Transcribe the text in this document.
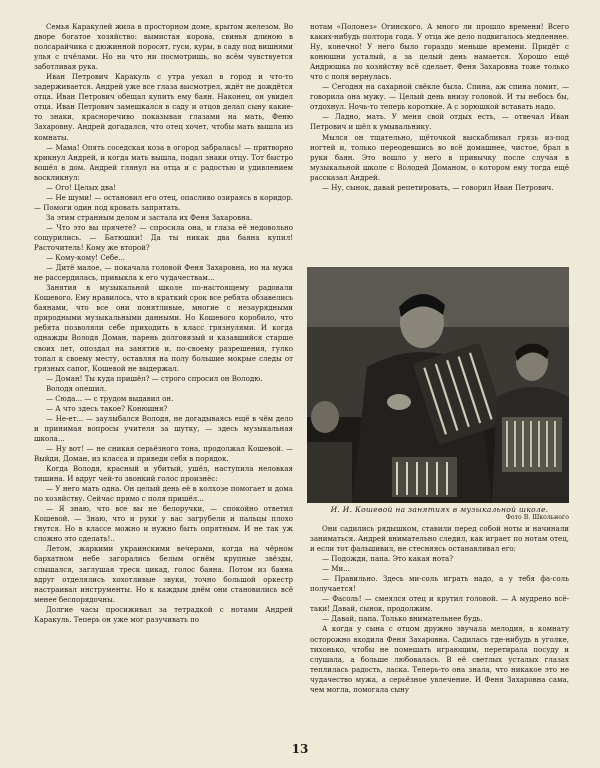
Семья Каракулей жила в просторном доме, крытом железом. Во дворе богатое хозяйство: вымистая корова, свинья длиною в полсарайчика с дюжинной поросят, гуси, куры, в саду под вишнями улья с пчёлами. Но на что ни посмотришь, во всём чувствуется заботливая рука.

Иван Петрович Каракуль с утра уехал в город и что-то задерживается. Андрей уже все глаза высмотрел, ждёт не дождётся отца. Иван Петрович обещал купить ему баян. Наконец, он увидел отца. Иван Петрович замешкался в саду и отцов делал сыну какие-то знаки, красноречиво показывая глазами на мать, Феню Захаровну. Андрей догадался, что отец хочет, чтобы мать вышла из комнаты.

— Мама! Опять соседская коза в огород забралась! — притворно крикнул Андрей, и когда мать вышла, подал знаки отцу. Тот быстро вошёл в дом. Андрей глянул на отца и с радостью и удивлением воскликнул:

— Ого! Целых два!

— Не шуми! — остановил его отец, опасливо озираясь в коридор. — Помоги один под кровать запрятать.

За этим странным делом и застала их Феня Захаровна.

— Что это вы прячете? — спросила она, и глаза её недовольно сощурились. — Батюшки! Да ты никак два баяна купил! Расточитель! Кому же второй?

— Кому-кому! Себе...

— Дитё малое, — покачала головой Феня Захаровна, но на мужа не рассердилась, привыкла к его чудачествам...

Занятия в музыкальной школе по-настоящему радовали Кошевого. Ему нравилось, что в краткий срок все ребята обзавелись баянами, что все они понятливые, многие с незаурядными природными музыкальными данными. Но Кошевого коробило, что ребята позволяли себе приходить в класс грязнулями. И когда однажды Володя Доман, парень долговязый и казавшийся старше своих лет, опоздал на занятия и, по-своему разрешения, гулко топал к своему месту, оставляя на полу большие мокрые следы от грязных сапог, Кошевой не выдержал.

— Доман! Ты куда пришёл? — строго спросил он Володю.

Володя опешил.

— Сюда... — с трудом выдавил он.

— А что здесь такое? Конюшня?

— Не-ет... — заулыбался Володя, не догадываясь ещё в чём дело и принимая вопросы учителя за шутку, — здесь музыкальная школа...

— Ну вот! — не сникая серьёзного тона, продолжал Кошевой. — Выйди, Доман, из класса и приведи себя в порядок.

Когда Володя, красный и убитый, ушёл, наступила неловкая тишина. И вдруг чей-то звонкий голос произнёс:

— У него мать одна. Он целый день её в колхозе помогает и дома по хозяйству. Сейчас прямо с поля пришёл...

— Я знаю, что все вы не белоручки, — спокойно ответил Кошевой. — Знаю, что и руки у вас загрубели и пальцы плохо гнутся. Но в классе можно и нужно быть опрятным. И не так уж сложно это сделать!..

Летом, жаркими украинскими вечерами, когда на чёрном бархатном небе загорались белым огнём крупные звёзды, слышался, заглушая треск цикад, голос баяна. Потом из баяна вдруг отделялись хохотливые звуки, точно большой оркестр настраивал инструменты. Но к каждым днём они становились всё менее беспорядочны.

Долгие часы просиживал за тетрадкой с нотами Андрей Каракуль. Теперь он уже мог разучивать по

нотам «Полонез» Огинского. А много ли прошло времени! Всего каких-нибудь полтора года. У отца же дело подвигалось медленнее. Ну, конечно! У него было гораздо меньше времени. Придёт с конюшни усталый, а за целый день намается. Хорошо ещё Андрюшка по хозяйству всё сделает. Феня Захаровна тоже только что с поля вернулась.

— Сегодня на сахарной свёкле была. Спина, аж спина ломит, — говорила она мужу. — Целый день внизу головой. И ты небось бы, отдохнул. Ночь-то теперь короткие. А с зорюшкой вставать надо.

— Ладно, мать. У меня свой отдых есть, — отвечал Иван Петрович и шёл к умывальнику.

Мылся он тщательно, щёточкой выскабливал грязь из-под ногтей и, только переодевшись во всё домашнее, чистое, брал в руки баян. Это вошло у него в привычку после случая в музыкальной школе с Володей Доманом, о котором ему тогда ещё рассказал Андрей.

— Ну, сынок, давай репетировать, — говорил Иван Петрович.

И. И. Кошевой на занятиях в музыкальной школе.
Фото В. Школьного

Они садились рядышком, ставили перед собой ноты и начинали заниматься. Андрей внимательно следил, как играет по нотам отец, и если тот фальшивил, не стесняясь останавливал его:

— Подожди, папа. Это какая нота?

— Ми...

— Правильно. Здесь ми-соль играть надо, а у тебя фа-соль получается!

— Фасоль! — смеялся отец и крутил головой. — А мудрено всё-таки! Давай, сынок, продолжим.

— Давай, папа. Только внимательнее будь.

А когда у сына с отцом дружно звучала мелодия, в комнату осторожно входила Феня Захаровна. Садилась где-нибудь в уголке, тихонько, чтобы не помешать играющим, перетирала посуду и слушала, а больше любовалась. В её светлых усталых глазах теплилась радость, ласка. Теперь-то она знала, что никакое это не чудачество мужа, а серьёзное увлечение. И Феня Захаровна сама, чем могла, помогала сыну

13
